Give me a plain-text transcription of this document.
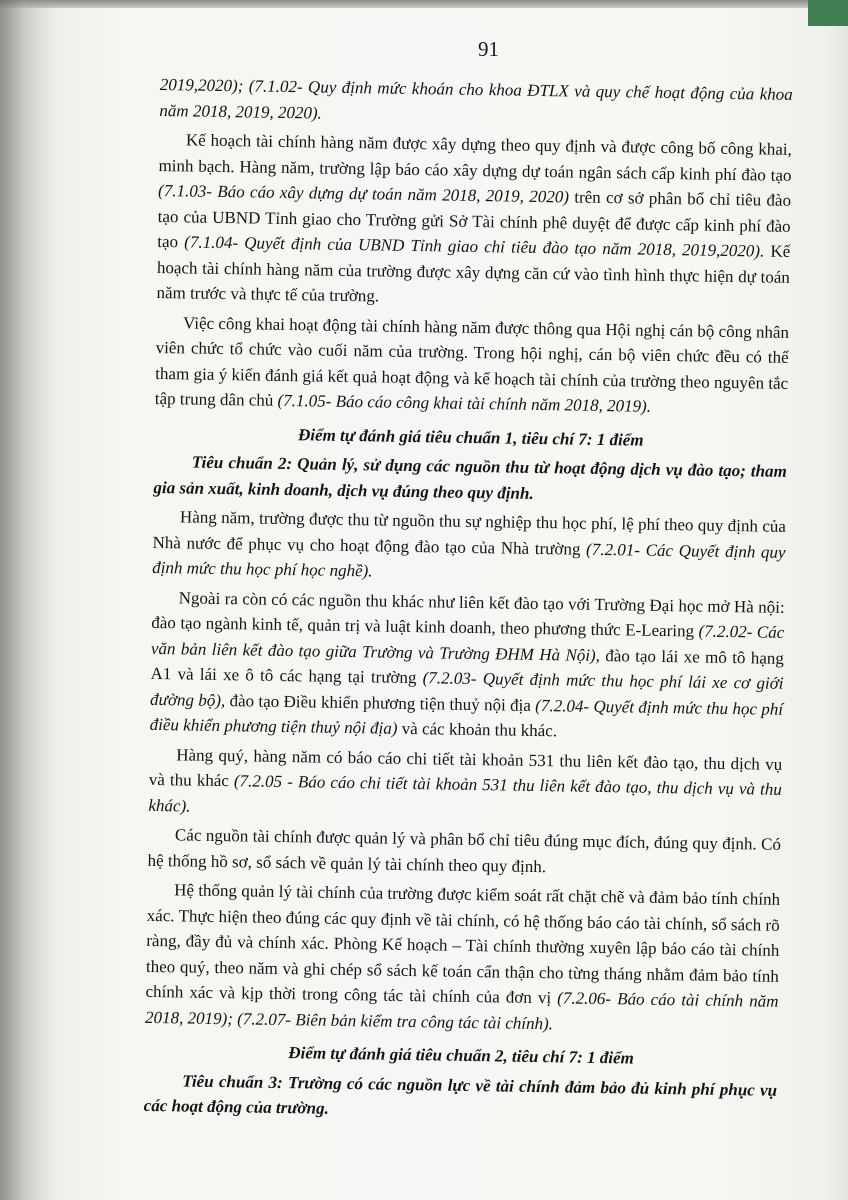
91

2019,2020); (7.1.02- Quy định mức khoán cho khoa ĐTLX và quy chế hoạt động của khoa năm 2018, 2019, 2020).

Kế hoạch tài chính hàng năm được xây dựng theo quy định và được công bố công khai, minh bạch. Hàng năm, trường lập báo cáo xây dựng dự toán ngân sách cấp kinh phí đào tạo (7.1.03- Báo cáo xây dựng dự toán năm 2018, 2019, 2020) trên cơ sở phân bổ chỉ tiêu đào tạo của UBND Tỉnh giao cho Trường gửi Sở Tài chính phê duyệt để được cấp kinh phí đào tạo (7.1.04- Quyết định của UBND Tỉnh giao chỉ tiêu đào tạo năm 2018, 2019,2020). Kế hoạch tài chính hàng năm của trường được xây dựng căn cứ vào tình hình thực hiện dự toán năm trước và thực tế của trường.

Việc công khai hoạt động tài chính hàng năm được thông qua Hội nghị cán bộ công nhân viên chức tổ chức vào cuối năm của trường. Trong hội nghị, cán bộ viên chức đều có thể tham gia ý kiến đánh giá kết quả hoạt động và kế hoạch tài chính của trường theo nguyên tắc tập trung dân chủ (7.1.05- Báo cáo công khai tài chính năm 2018, 2019).

Điểm tự đánh giá tiêu chuẩn 1, tiêu chí 7: 1 điểm

Tiêu chuẩn 2: Quản lý, sử dụng các nguồn thu từ hoạt động dịch vụ đào tạo; tham gia sản xuất, kinh doanh, dịch vụ đúng theo quy định.

Hàng năm, trường được thu từ nguồn thu sự nghiệp thu học phí, lệ phí theo quy định của Nhà nước để phục vụ cho hoạt động đào tạo của Nhà trường (7.2.01- Các Quyết định quy định mức thu học phí học nghề).

Ngoài ra còn có các nguồn thu khác như liên kết đào tạo với Trường Đại học mở Hà nội: đào tạo ngành kinh tế, quản trị và luật kinh doanh, theo phương thức E-Learing (7.2.02- Các văn bản liên kết đào tạo giữa Trường và Trường ĐHM Hà Nội), đào tạo lái xe mô tô hạng A1 và lái xe ô tô các hạng tại trường (7.2.03- Quyết định mức thu học phí lái xe cơ giới đường bộ), đào tạo Điều khiển phương tiện thuỷ nội địa (7.2.04- Quyết định mức thu học phí điều khiển phương tiện thuỷ nội địa) và các khoản thu khác.

Hàng quý, hàng năm có báo cáo chi tiết tài khoản 531 thu liên kết đào tạo, thu dịch vụ và thu khác (7.2.05 - Báo cáo chi tiết tài khoản 531 thu liên kết đào tạo, thu dịch vụ và thu khác).

Các nguồn tài chính được quản lý và phân bổ chỉ tiêu đúng mục đích, đúng quy định. Có hệ thống hồ sơ, sổ sách về quản lý tài chính theo quy định.

Hệ thống quản lý tài chính của trường được kiểm soát rất chặt chẽ và đảm bảo tính chính xác. Thực hiện theo đúng các quy định về tài chính, có hệ thống báo cáo tài chính, sổ sách rõ ràng, đầy đủ và chính xác. Phòng Kế hoạch – Tài chính thường xuyên lập báo cáo tài chính theo quý, theo năm và ghi chép sổ sách kế toán cẩn thận cho từng tháng nhằm đảm bảo tính chính xác và kịp thời trong công tác tài chính của đơn vị (7.2.06- Báo cáo tài chính năm 2018, 2019); (7.2.07- Biên bản kiểm tra công tác tài chính).

Điểm tự đánh giá tiêu chuẩn 2, tiêu chí 7: 1 điểm

Tiêu chuẩn 3: Trường có các nguồn lực về tài chính đảm bảo đủ kinh phí phục vụ các hoạt động của trường.
